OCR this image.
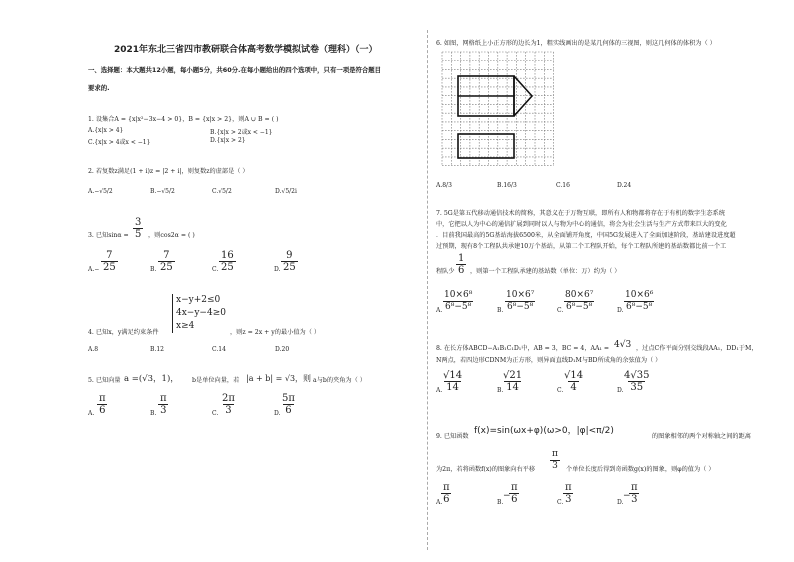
2021年东北三省四市教研联合体高考数学模拟试卷（理科）（一）
一、选择题：本大题共12小题，每小题5分，共60分.在每小题给出的四个选项中，只有一项是符合题目
要求的.
1. 设集合A = {x|x²−3x−4 > 0}，B = {x|x > 2}，则A ∪ B = ( )
A.{x|x > 4}	B.{x|x > 2或x < −1}
C.{x|x > 4或x < −1}	D.{x|x > 2}
2. 若复数z满足(1 + i)z = |2 + i|，则复数z的虚部是（ ）
A.−√5/2	B.−√5/2	C.√5/2	D.√5/2i
3. 已知$\sin\alpha = \frac{3}{5}$ ，则cos2α = ( )
$A.- \frac{7}{25}$	B. $\frac{7}{25}$	C. $\frac{16}{25}$	D. $\frac{9}{25}$
x−y+2≤0
4x−y−4≥0
x≥4
4. 已知x，y满足约束条件	，则z = 2x + y的最小值为（ ）
A.8	B.12	C.14	D.20
5. 已知向量 a =(√3，1)， b是单位向量，若 |a + b| = √3，则 a与b的夹角为（ ）
A. $\frac{\pi}{6}$	B. $\frac{\pi}{3}$	C. $\frac{2\pi}{3}$	D. $\frac{5\pi}{6}$
6. 如图，网格纸上小正方形的边长为1，粗实线画出的是某几何体的三视图，则这几何体的体积为（ ）
A.8/3	B.16/3	C.16	D.24
7. 5G是第五代移动通信技术的简称，其意义在于万物互联，即所有人和物都将存在于有机的数字生态系统
中，它把以人为中心的通信扩展到同时以人与物为中心的通信，将会为社会生活与生产方式带来巨大的变化
．目前我国最高的5G基站海拔6500米，从全面铺开角度，中国5G发展进入了全面加速阶段，基站建设进度超
过预期，现有8个工程队共承建10万个基站，从第二个工程队开始，每个工程队所建的基站数都比前一个工
程队少 $\frac{1}{6}$ ，则第一个工程队承建的基站数（单位：万）约为（ ）
A. $\frac{\text{10×6⁸}}{\text{6⁸−5⁸}}$	B. $\frac{\text{10×6⁷}}{\text{6⁸−5⁸}}$	C. $\frac{\text{80×6⁷}}{\text{6⁸−5⁸}}$	D. $\frac{\text{10×6⁶}}{\text{6⁸−5⁸}}$
8. 在长方体ABCD−A₁B₁C₁D₁中，AB = 3，BC = 4，AA₁ = 4√3 ，过点C作平面分别交线段AA₁，DD₁于M，
N两点，若四边形CDNM为正方形，则异面直线D₁M与BD所成角的余弦值为（ ）
A.
$\frac{√14}{14}$	B.
$\frac{√21}{14}$	C.
$\frac{√14}{4}$	D.
$\frac{4√35}{35}$
9. 已知函数
f(x)=sin(ωx+φ)(ω>0，|φ|<π/2)
的图象相邻的两个对称轴之间的距离
为2π，若将函数f(x)的图象向右平移 $\frac{\pi}{3}$ 个单位长度后得到奇函数g(x)的图象，则φ的值为（ ）
A.
$\frac{\pi}{6}$	B.
−
$\frac{\pi}{6}$	C. $\frac{\pi}{3}$	D.
−
$\frac{\pi}{3}$
